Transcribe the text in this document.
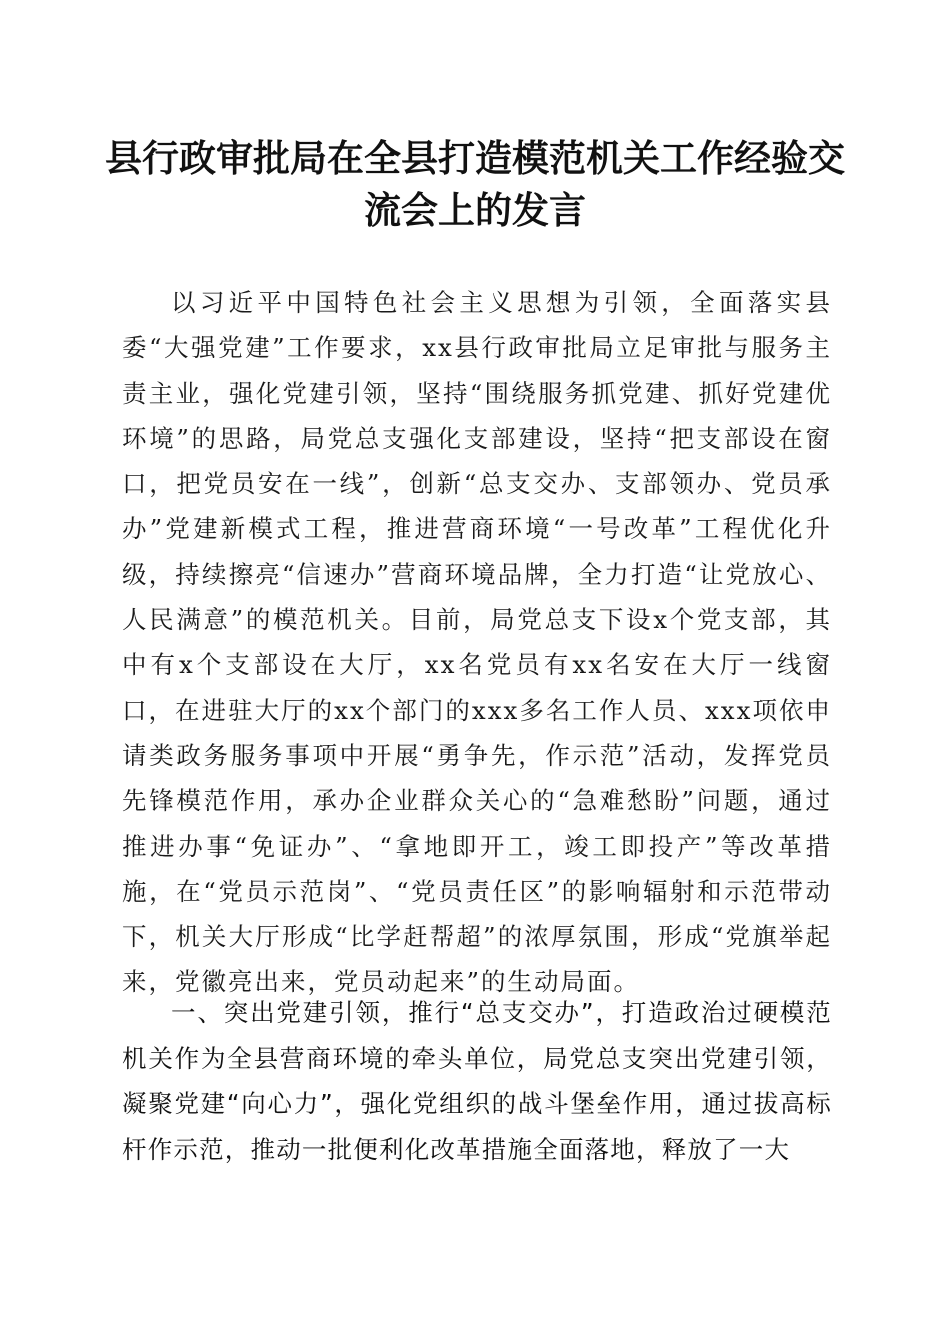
县行政审批局在全县打造模范机关工作经验交
流会上的发言

以习近平中国特色社会主义思想为引领，全面落实县委“大强党建”工作要求，xx县行政审批局立足审批与服务主责主业，强化党建引领，坚持“围绕服务抓党建、抓好党建优环境”的思路，局党总支强化支部建设，坚持“把支部设在窗口，把党员安在一线”，创新“总支交办、支部领办、党员承办”党建新模式工程，推进营商环境“一号改革”工程优化升级，持续擦亮“信速办”营商环境品牌，全力打造“让党放心、人民满意”的模范机关。目前，局党总支下设x个党支部，其中有x个支部设在大厅，xx名党员有xx名安在大厅一线窗口，在进驻大厅的xx个部门的xxx多名工作人员、xxx项依申请类政务服务事项中开展“勇争先，作示范”活动，发挥党员先锋模范作用，承办企业群众关心的“急难愁盼”问题，通过推进办事“免证办”、“拿地即开工，竣工即投产”等改革措施，在“党员示范岗”、“党员责任区”的影响辐射和示范带动下，机关大厅形成“比学赶帮超”的浓厚氛围，形成“党旗举起来，党徽亮出来，党员动起来”的生动局面。

一、突出党建引领，推行“总支交办”，打造政治过硬模范机关作为全县营商环境的牵头单位，局党总支突出党建引领，凝聚党建“向心力”，强化党组织的战斗堡垒作用，通过拔高标杆作示范，推动一批便利化改革措施全面落地，释放了一大
